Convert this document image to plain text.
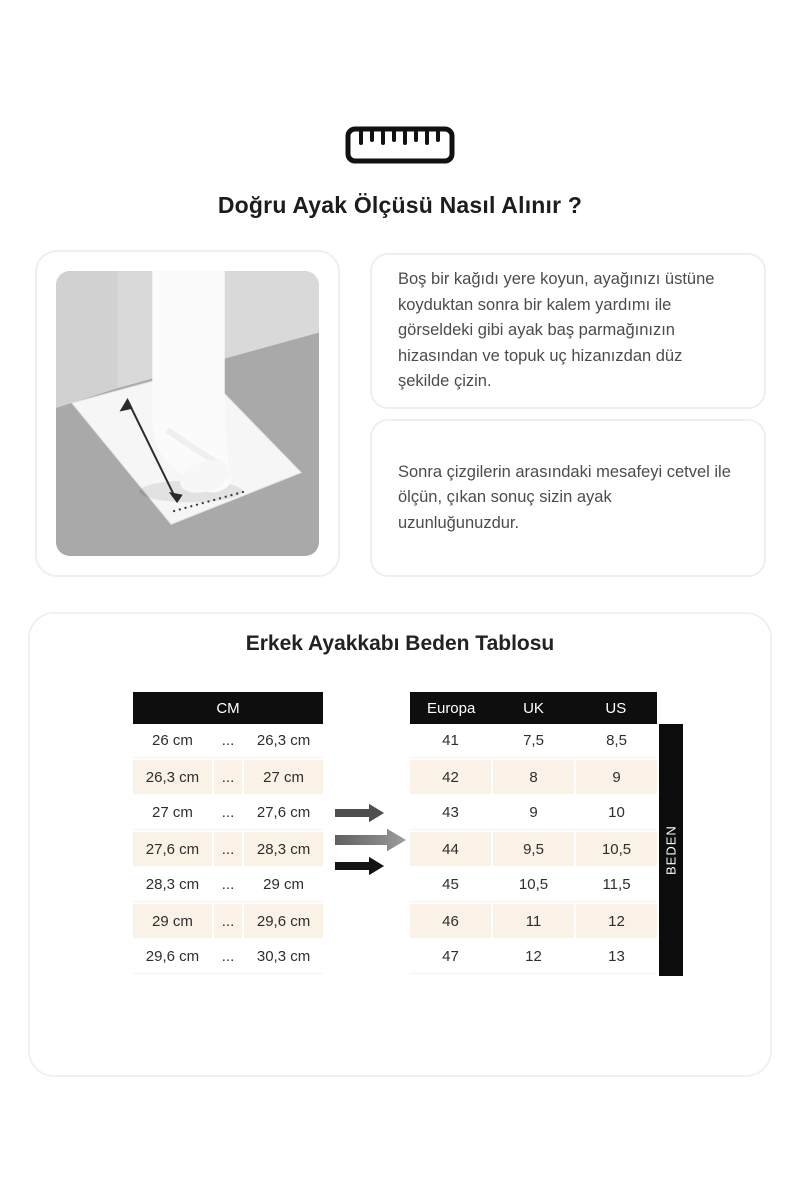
Doğru Ayak Ölçüsü Nasıl Alınır ?
Boş bir kağıdı yere koyun, ayağınızı üstüne koyduktan sonra bir kalem yardımı ile görseldeki gibi ayak baş parmağınızın hizasından ve topuk uç hizanızdan düz şekilde çizin.
Sonra çizgilerin arasındaki mesafeyi cetvel ile ölçün, çıkan sonuç sizin ayak uzunluğunuzdur.
Erkek Ayakkabı Beden Tablosu
CM
26 cm	...	26,3 cm
26,3 cm	...	27 cm
27 cm	...	27,6 cm
27,6 cm	...	28,3 cm
28,3 cm	...	29 cm
29 cm	...	29,6 cm
29,6 cm	...	30,3 cm
Europa	UK	US
41	7,5	8,5
42	8	9
43	9	10
44	9,5	10,5
45	10,5	11,5
46	11	12
47	12	13
BEDEN
